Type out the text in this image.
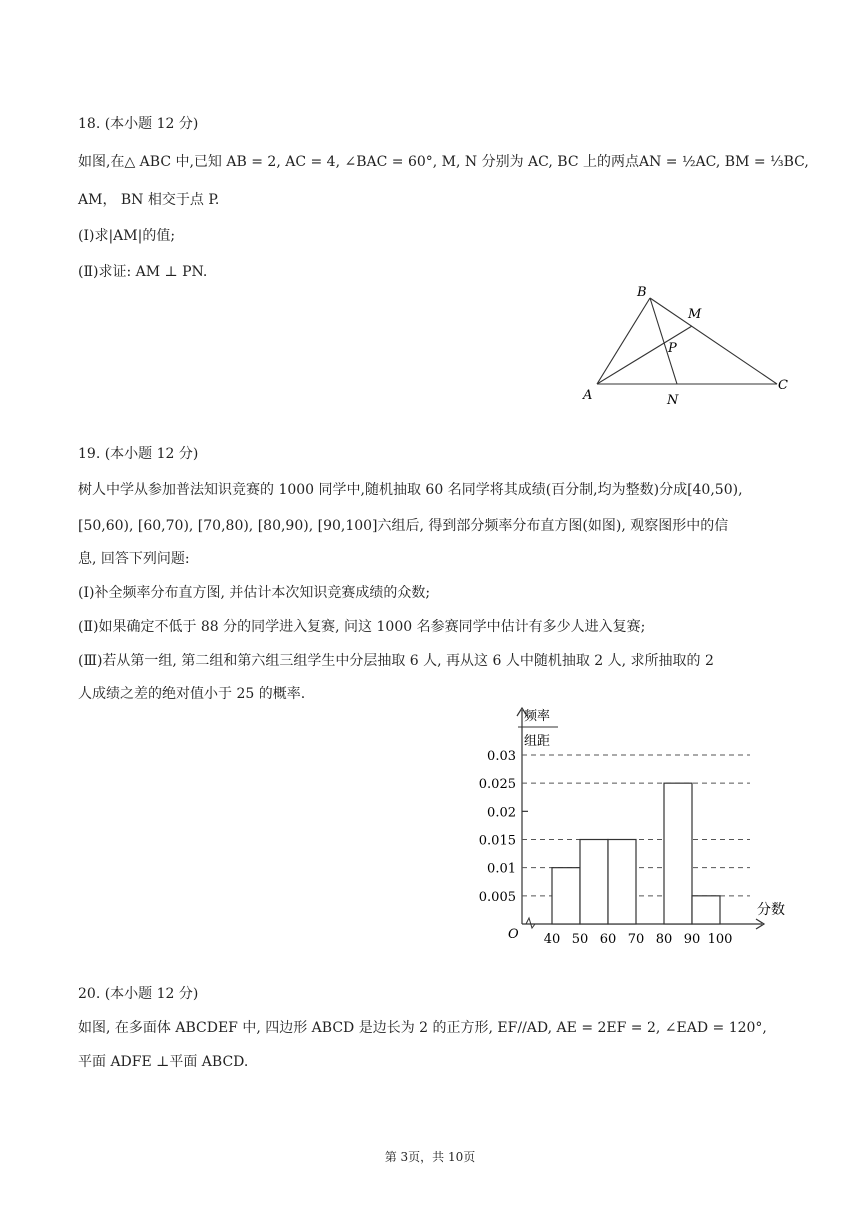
18. (本小题 12 分)
如图,在△ ABC 中,已知 AB = 2, AC = 4, ∠BAC = 60°, M, N 分别为 AC, BC 上的两点AN = ½AC, BM = ⅓BC,
AM， BN 相交于点 P.
(Ⅰ)求|AM|的值;
(Ⅱ)求证: AM ⊥ PN.
A
B
C
M
N
P
19. (本小题 12 分)
树人中学从参加普法知识竞赛的 1000 同学中,随机抽取 60 名同学将其成绩(百分制,均为整数)分成[40,50),
[50,60), [60,70), [70,80), [80,90), [90,100]六组后, 得到部分频率分布直方图(如图), 观察图形中的信
息, 回答下列问题:
(Ⅰ)补全频率分布直方图, 并估计本次知识竞赛成绩的众数;
(Ⅱ)如果确定不低于 88 分的同学进入复赛, 问这 1000 名参赛同学中估计有多少人进入复赛;
(Ⅲ)若从第一组, 第二组和第六组三组学生中分层抽取 6 人, 再从这 6 人中随机抽取 2 人, 求所抽取的 2
人成绩之差的绝对值小于 25 的概率.
频率
组距
分数
O
0.005
0.01
0.015
0.02
0.025
0.03
40 50 60 70 80 90 100
20. (本小题 12 分)
如图, 在多面体 ABCDEF 中, 四边形 ABCD 是边长为 2 的正方形, EF//AD, AE = 2EF = 2, ∠EAD = 120°,
平面 ADFE ⊥平面 ABCD.
第 3页，共 10页
